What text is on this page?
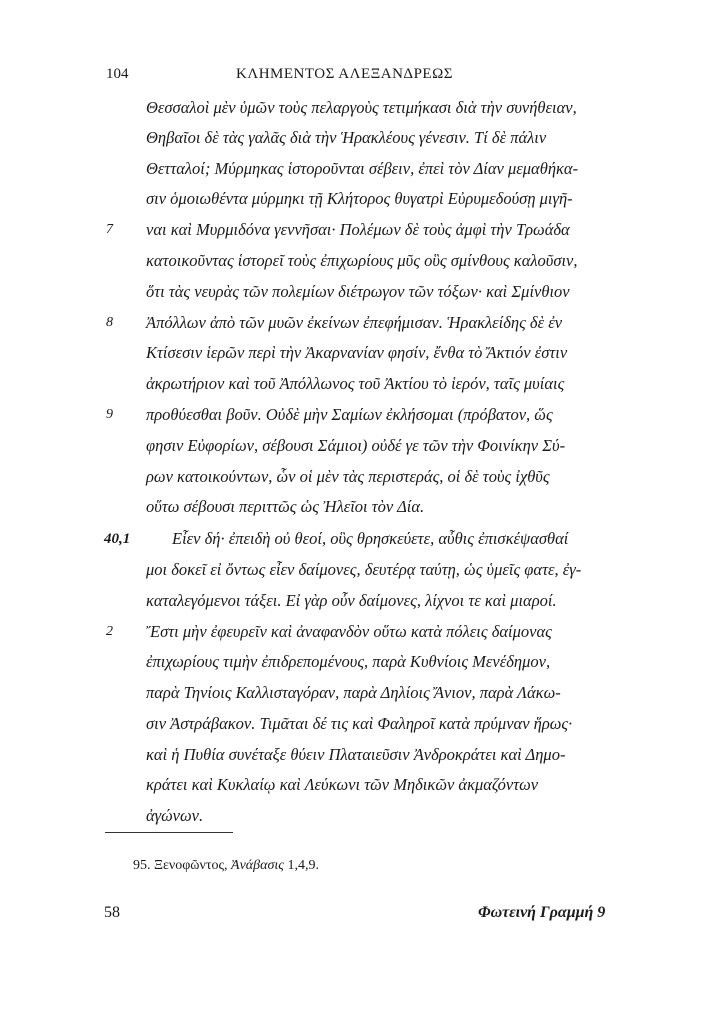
104	ΚΛΗΜΕΝΤΟΣ ΑΛΕΞΑΝΔΡΕΩΣ
Θεσσαλοὶ μὲν ὑμῶν τοὺς πελαργοὺς τετιμήκασι διὰ τὴν συνήθειαν,
Θηβαῖοι δὲ τὰς γαλᾶς διὰ τὴν Ἡρακλέους γένεσιν. Τί δὲ πάλιν
Θετταλοί; Μύρμηκας ἱστοροῦνται σέβειν, ἐπεὶ τὸν Δίαν μεμαθήκα-
σιν ὁμοιωθέντα μύρμηκι τῇ Κλήτορος θυγατρὶ Εὐρυμεδούσῃ μιγῆ-
7 ναι καὶ Μυρμιδόνα γεννῆσαι· Πολέμων δὲ τοὺς ἀμφὶ τὴν Τρωάδα
κατοικοῦντας ἱστορεῖ τοὺς ἐπιχωρίους μῦς οὓς σμίνθους καλοῦσιν,
ὅτι τὰς νευρὰς τῶν πολεμίων διέτρωγον τῶν τόξων· καὶ Σμίνθιον
8 Ἀπόλλων ἀπὸ τῶν μυῶν ἐκείνων ἐπεφήμισαν. Ἡρακλείδης δὲ ἐν
Κτίσεσιν ἱερῶν περὶ τὴν Ἀκαρνανίαν φησίν, ἔνθα τὸ Ἄκτιόν ἐστιν
ἀκρωτήριον καὶ τοῦ Ἀπόλλωνος τοῦ Ἀκτίου τὸ ἱερόν, ταῖς μυίαις
9 προθύεσθαι βοῦν. Οὐδὲ μὴν Σαμίων ἐκλήσομαι (πρόβατον, ὥς
φησιν Εὐφορίων, σέβουσι Σάμιοι) οὐδέ γε τῶν τὴν Φοινίκην Σύ-
ρων κατοικούντων, ὧν οἱ μὲν τὰς περιστεράς, οἱ δὲ τοὺς ἰχθῦς
οὕτω σέβουσι περιττῶς ὡς Ἠλεῖοι τὸν Δία.
40,1	Εἶεν δή· ἐπειδὴ οὐ θεοί, οὓς θρησκεύετε, αὖθις ἐπισκέψασθαί
μοι δοκεῖ εἰ ὄντως εἶεν δαίμονες, δευτέρᾳ ταύτῃ, ὡς ὑμεῖς φατε, ἐγ-
καταλεγόμενοι τάξει. Εἰ γὰρ οὖν δαίμονες, λίχνοι τε καὶ μιαροί.
2 Ἔστι μὴν ἐφευρεῖν καὶ ἀναφανδὸν οὕτω κατὰ πόλεις δαίμονας
ἐπιχωρίους τιμὴν ἐπιδρεπομένους, παρὰ Κυθνίοις Μενέδημον,
παρὰ Τηνίοις Καλλισταγόραν, παρὰ Δηλίοις Ἄνιον, παρὰ Λάκω-
σιν Ἀστράβακον. Τιμᾶται δέ τις καὶ Φαληροῖ κατὰ πρύμναν ἥρως·
καὶ ἡ Πυθία συνέταξε θύειν Πλαταιεῦσιν Ἀνδροκράτει καὶ Δημο-
κράτει καὶ Κυκλαίῳ καὶ Λεύκωνι τῶν Μηδικῶν ἀκμαζόντων
ἀγώνων.
95. Ξενοφῶντος, Ἀνάβασις 1,4,9.
58	Φωτεινή Γραμμή 9
